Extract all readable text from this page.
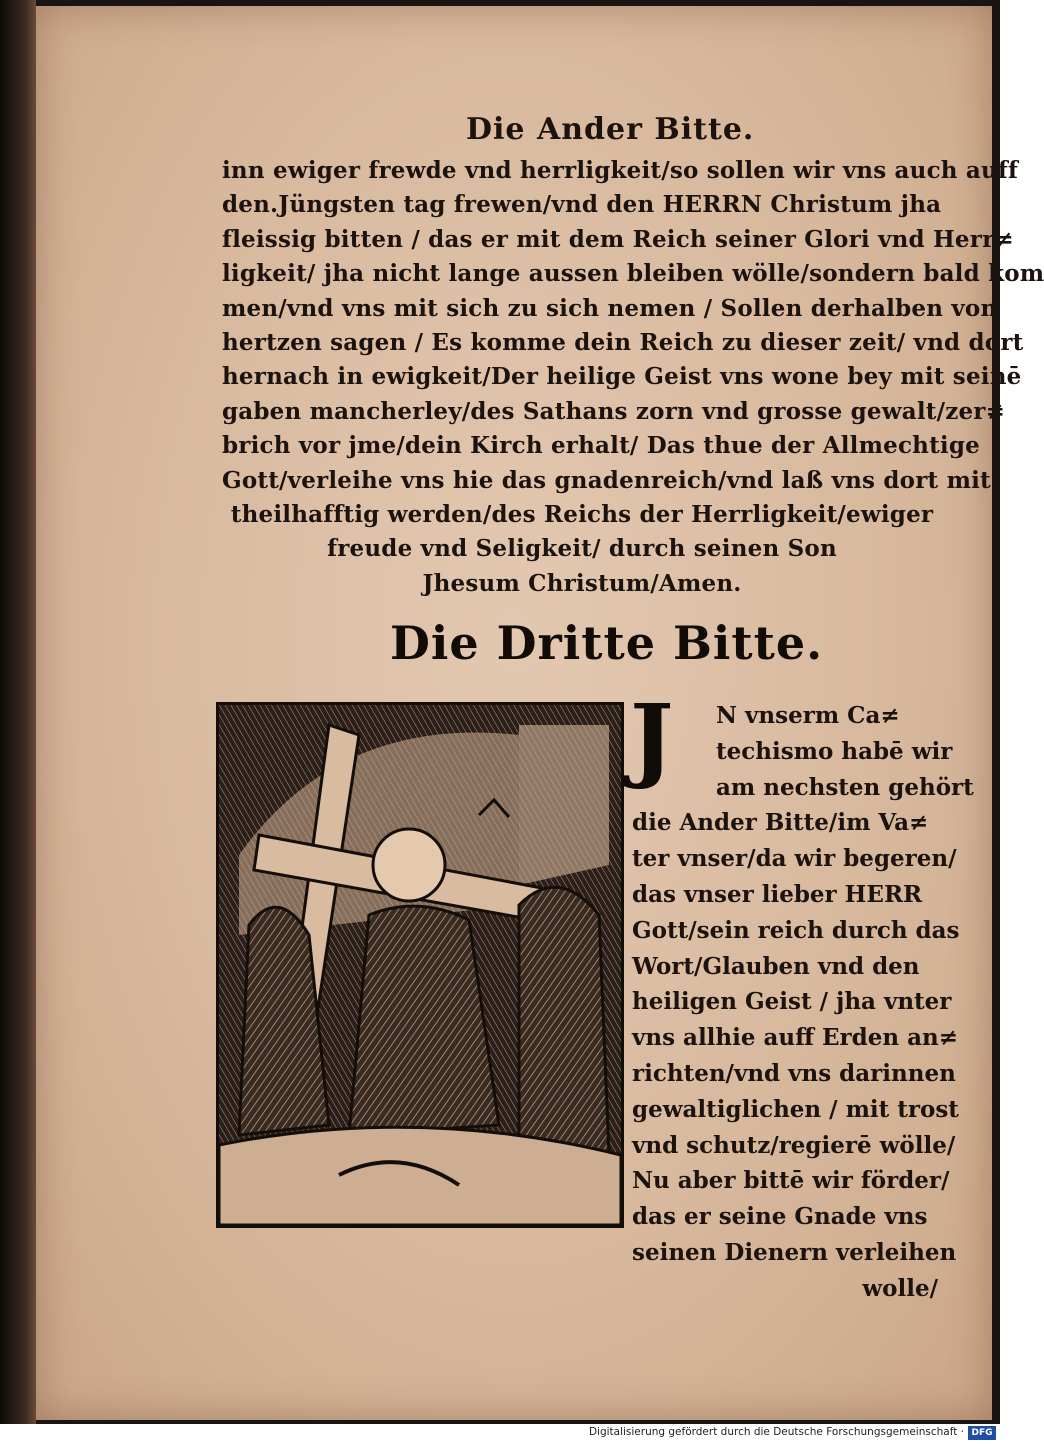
Die Ander Bitte.
inn ewiger frewde vnd herrligkeit/so sollen wir vns auch auff
den.Jüngsten tag frewen/vnd den HERRN Christum jha
fleissig bitten / das er mit dem Reich seiner Glori vnd Herr≠
ligkeit/ jha nicht lange aussen bleiben wölle/sondern bald kom
men/vnd vns mit sich zu sich nemen / Sollen derhalben von
hertzen sagen / Es komme dein Reich zu dieser zeit/ vnd dort
hernach in ewigkeit/Der heilige Geist vns wone bey mit seinē
gaben mancherley/des Sathans zorn vnd grosse gewalt/zer≠
brich vor jme/dein Kirch erhalt/ Das thue der Allmechtige
Gott/verleihe vns hie das gnadenreich/vnd laß vns dort mit
theilhafftig werden/des Reichs der Herrligkeit/ewiger
freude vnd Seligkeit/ durch seinen Son
Jhesum Christum/Amen.
Die Dritte Bitte.
J	N vnserm Ca≠
techismo habē wir
am nechsten gehört
die Ander Bitte/im Va≠
ter vnser/da wir begeren/
das vnser lieber HERR
Gott/sein reich durch das
Wort/Glauben vnd den
heiligen Geist / jha vnter
vns allhie auff Erden an≠
richten/vnd vns darinnen
gewaltiglichen / mit trost
vnd schutz/regierē wölle/
Nu aber bittē wir förder/
das er seine Gnade vns
seinen Dienern verleihen
wolle/
Digitalisierung gefördert durch die Deutsche Forschungsgemeinschaft · DFG
